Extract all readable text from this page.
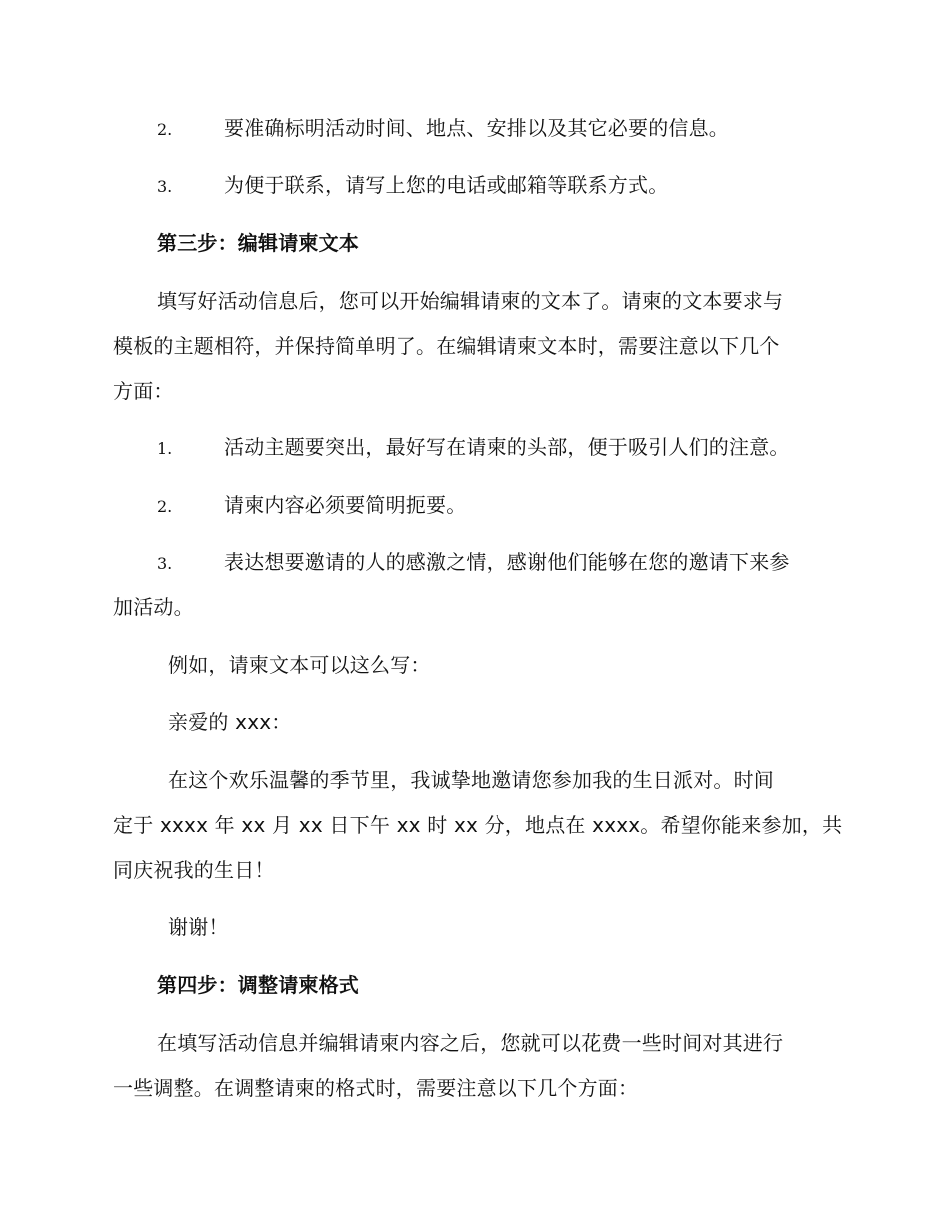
2.	要准确标明活动时间、地点、安排以及其它必要的信息。
3.	为便于联系，请写上您的电话或邮箱等联系方式。
第三步：编辑请柬文本
填写好活动信息后，您可以开始编辑请柬的文本了。请柬的文本要求与
模板的主题相符，并保持简单明了。在编辑请柬文本时，需要注意以下几个
方面：
1.	活动主题要突出，最好写在请柬的头部，便于吸引人们的注意。
2.	请柬内容必须要简明扼要。
3.	表达想要邀请的人的感激之情，感谢他们能够在您的邀请下来参
加活动。
例如，请柬文本可以这么写：
亲爱的 xxx：
在这个欢乐温馨的季节里，我诚挚地邀请您参加我的生日派对。时间
定于 xxxx 年 xx 月 xx 日下午 xx 时 xx 分，地点在 xxxx。希望你能来参加，共
同庆祝我的生日！
谢谢！
第四步：调整请柬格式
在填写活动信息并编辑请柬内容之后，您就可以花费一些时间对其进行
一些调整。在调整请柬的格式时，需要注意以下几个方面：
